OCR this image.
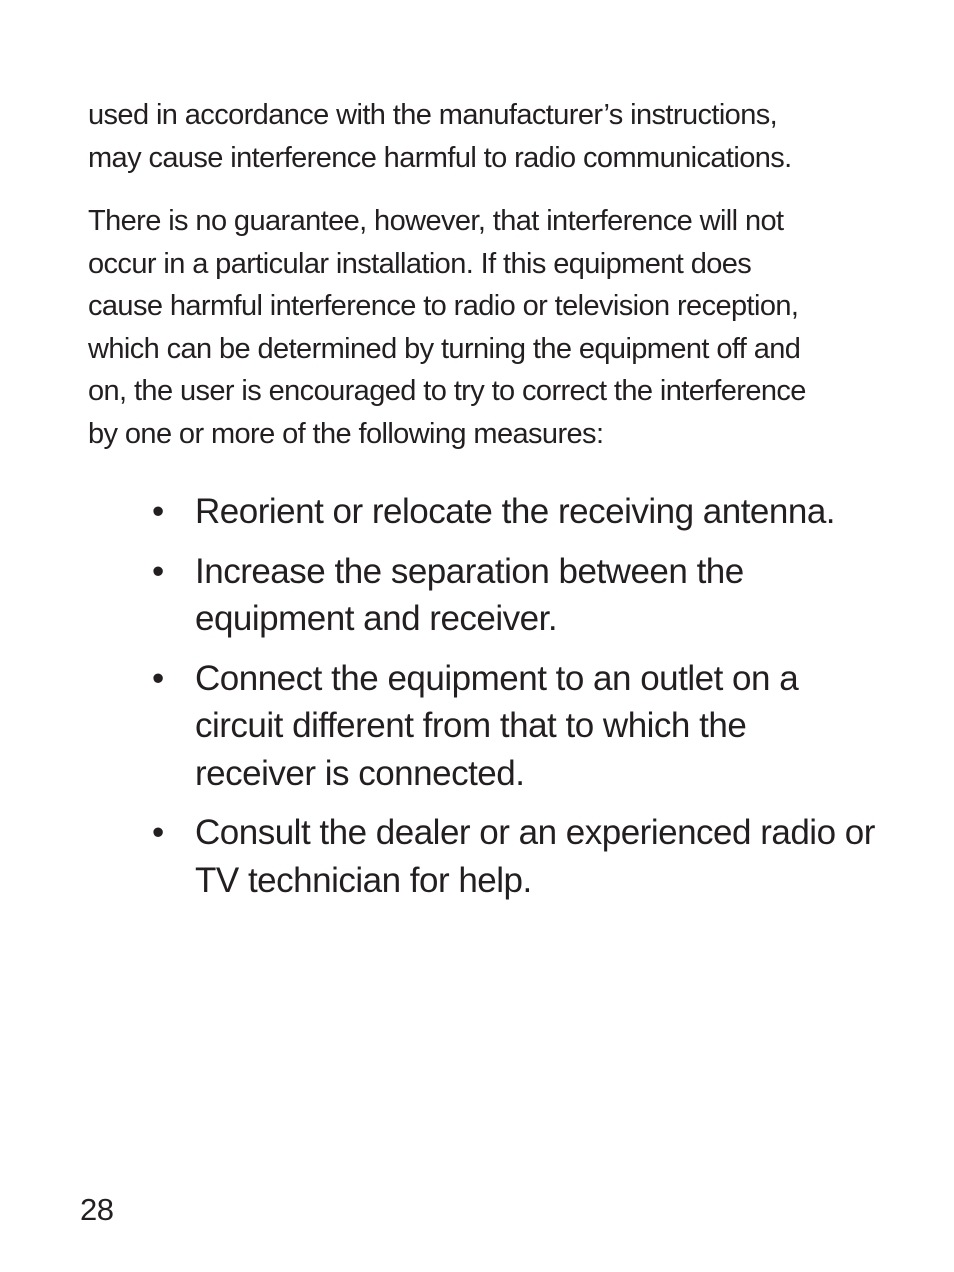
used in accordance with the manufacturer’s instructions,
may cause interference harmful to radio communications.

There is no guarantee, however, that interference will not
occur in a particular installation. If this equipment does
cause harmful interference to radio or television reception,
which can be determined by turning the equipment off and
on, the user is encouraged to try to correct the interference
by one or more of the following measures:

• Reorient or relocate the receiving antenna.
• Increase the separation between the
equipment and receiver.
• Connect the equipment to an outlet on a
circuit different from that to which the
receiver is connected.
• Consult the dealer or an experienced radio or
TV technician for help.
28
